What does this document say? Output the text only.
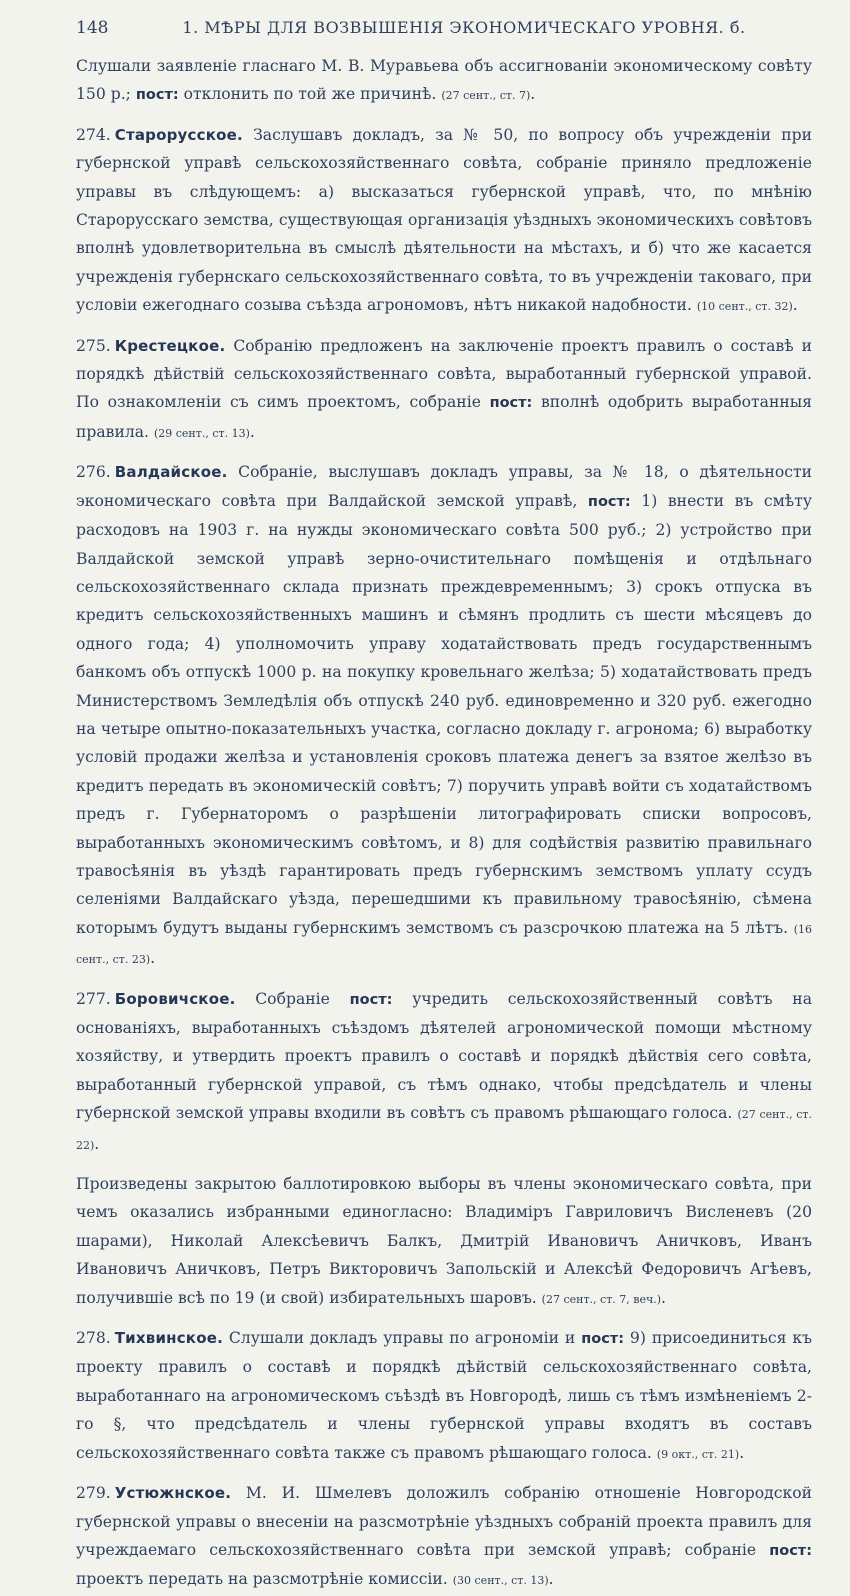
148	1. МѢРЫ ДЛЯ ВОЗВЫШЕНІЯ ЭКОНОМИЧЕСКАГО УРОВНЯ. б.

Слушали заявленіе гласнаго М. В. Муравьева объ ассигнованіи экономическому совѣту 150 р.; пост: отклонить по той же причинѣ. (27 сент., ст. 7).

274. Старорусское. Заслушавъ докладъ, за № 50, по вопросу объ учрежденіи при губернской управѣ сельскохозяйственнаго совѣта, собраніе приняло предложеніе управы въ слѣдующемъ: а) высказаться губернской управѣ, что, по мнѣнію Старорусскаго земства, существующая организація уѣздныхъ экономическихъ совѣтовъ вполнѣ удовлетворительна въ смыслѣ дѣятельности на мѣстахъ, и б) что же касается учрежденія губернскаго сельскохозяйственнаго совѣта, то въ учрежденіи таковаго, при условіи ежегоднаго созыва съѣзда агрономовъ, нѣтъ никакой надобности. (10 сент., ст. 32).

275. Крестецкое. Собранію предложенъ на заключеніе проектъ правилъ о составѣ и порядкѣ дѣйствій сельскохозяйственнаго совѣта, выработанный губернской управой. По ознакомленіи съ симъ проектомъ, собраніе пост: вполнѣ одобрить выработанныя правила. (29 сент., ст. 13).

276. Валдайское. Собраніе, выслушавъ докладъ управы, за № 18, о дѣятельности экономическаго совѣта при Валдайской земской управѣ, пост: 1) внести въ смѣту расходовъ на 1903 г. на нужды экономическаго совѣта 500 руб.; 2) устройство при Валдайской земской управѣ зерно-очистительнаго помѣщенія и отдѣльнаго сельскохозяйственнаго склада признать преждевременнымъ; 3) срокъ отпуска въ кредитъ сельскохозяйственныхъ машинъ и сѣмянъ продлить съ шести мѣсяцевъ до одного года; 4) уполномочить управу ходатайствовать предъ государственнымъ банкомъ объ отпускѣ 1000 р. на покупку кровельнаго желѣза; 5) ходатайствовать предъ Министерствомъ Земледѣлія объ отпускѣ 240 руб. единовременно и 320 руб. ежегодно на четыре опытно-показательныхъ участка, согласно докладу г. агронома; 6) выработку условій продажи желѣза и установленія сроковъ платежа денегъ за взятое желѣзо въ кредитъ передать въ экономическій совѣтъ; 7) поручить управѣ войти съ ходатайствомъ предъ г. Губернаторомъ о разрѣшеніи литографировать списки вопросовъ, выработанныхъ экономическимъ совѣтомъ, и 8) для содѣйствія развитію правильнаго травосѣянія въ уѣздѣ гарантировать предъ губернскимъ земствомъ уплату ссудъ селеніями Валдайскаго уѣзда, перешедшими къ правильному травосѣянію, сѣмена которымъ будутъ выданы губернскимъ земствомъ съ разсрочкою платежа на 5 лѣтъ. (16 сент., ст. 23).

277. Боровичское. Собраніе пост: учредить сельскохозяйственный совѣтъ на основаніяхъ, выработанныхъ съѣздомъ дѣятелей агрономической помощи мѣстному хозяйству, и утвердить проектъ правилъ о составѣ и порядкѣ дѣйствія сего совѣта, выработанный губернской управой, съ тѣмъ однако, чтобы предсѣдатель и члены губернской земской управы входили въ совѣтъ съ правомъ рѣшающаго голоса. (27 сент., ст. 22).

Произведены закрытою баллотировкою выборы въ члены экономическаго совѣта, при чемъ оказались избранными единогласно: Владиміръ Гавриловичъ Висленевъ (20 шарами), Николай Алексѣевичъ Балкъ, Дмитрій Ивановичъ Аничковъ, Иванъ Ивановичъ Аничковъ, Петръ Викторовичъ Запольскій и Алексѣй Федоровичъ Агѣевъ, получившіе всѣ по 19 (и свой) избирательныхъ шаровъ. (27 сент., ст. 7, веч.).

278. Тихвинское. Слушали докладъ управы по агрономіи и пост: 9) присоединиться къ проекту правилъ о составѣ и порядкѣ дѣйствій сельскохозяйственнаго совѣта, выработаннаго на агрономическомъ съѣздѣ въ Новгородѣ, лишь съ тѣмъ измѣненіемъ 2-го §, что предсѣдатель и члены губернской управы входятъ въ составъ сельскохозяйственнаго совѣта также съ правомъ рѣшающаго голоса. (9 окт., ст. 21).

279. Устюжнское. М. И. Шмелевъ доложилъ собранію отношеніе Новгородской губернской управы о внесеніи на разсмотрѣніе уѣздныхъ собраній проекта правилъ для учреждаемаго сельскохозяйственнаго совѣта при земской управѣ; собраніе пост: проектъ передать на разсмотрѣніе комиссіи. (30 сент., ст. 13).
